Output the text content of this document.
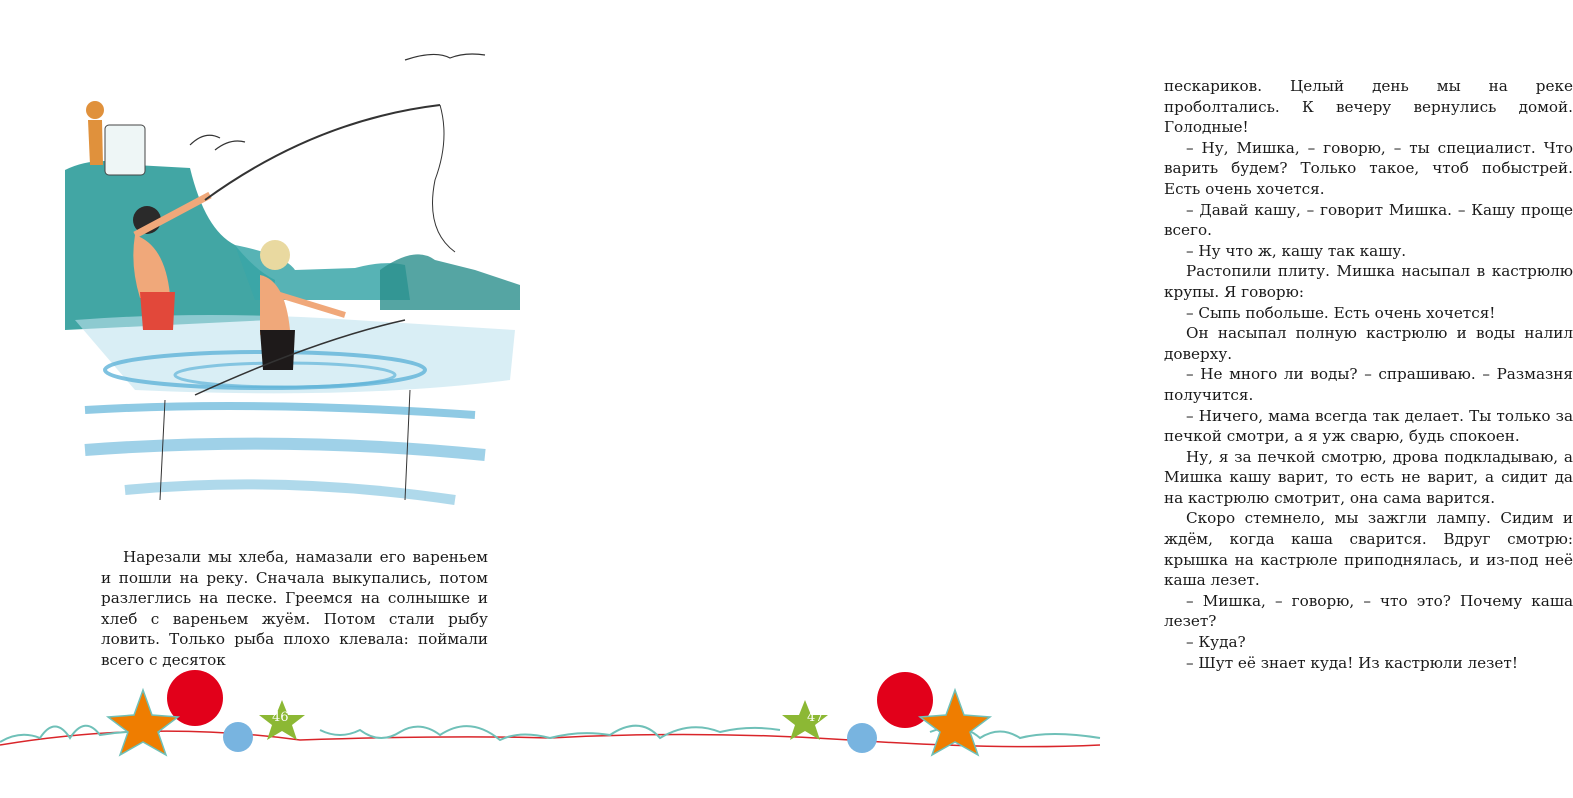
Нарезали мы хлеба, намазали его вареньем и пошли на реку. Сначала выкупались, потом разлеглись на песке. Греемся на солнышке и хлеб с вареньем жуём. Потом стали рыбу ловить. Только рыба плохо клевала: поймали всего с десяток

пескариков. Целый день мы на реке проболтались. К вечеру вернулись домой. Голодные!

– Ну, Мишка, – говорю, – ты специалист. Что варить будем? Только такое, чтоб побыстрей. Есть очень хочется.

– Давай кашу, – говорит Мишка. – Кашу проще всего.

– Ну что ж, кашу так кашу.

Растопили плиту. Мишка насыпал в кастрюлю крупы. Я говорю:

– Сыпь побольше. Есть очень хочется!

Он насыпал полную кастрюлю и воды налил доверху.

– Не много ли воды? – спрашиваю. – Размазня получится.

– Ничего, мама всегда так делает. Ты только за печкой смотри, а я уж сварю, будь спокоен.

Ну, я за печкой смотрю, дрова подкладываю, а Мишка кашу варит, то есть не варит, а сидит да на кастрюлю смотрит, она сама варится.

Скоро стемнело, мы зажгли лампу. Сидим и ждём, когда каша сварится. Вдруг смотрю: крышка на кастрюле приподнялась, и из-под неё каша лезет.

– Мишка, – говорю, – что это? Почему каша лезет?

– Куда?

– Шут её знает куда! Из кастрюли лезет!

46	47
